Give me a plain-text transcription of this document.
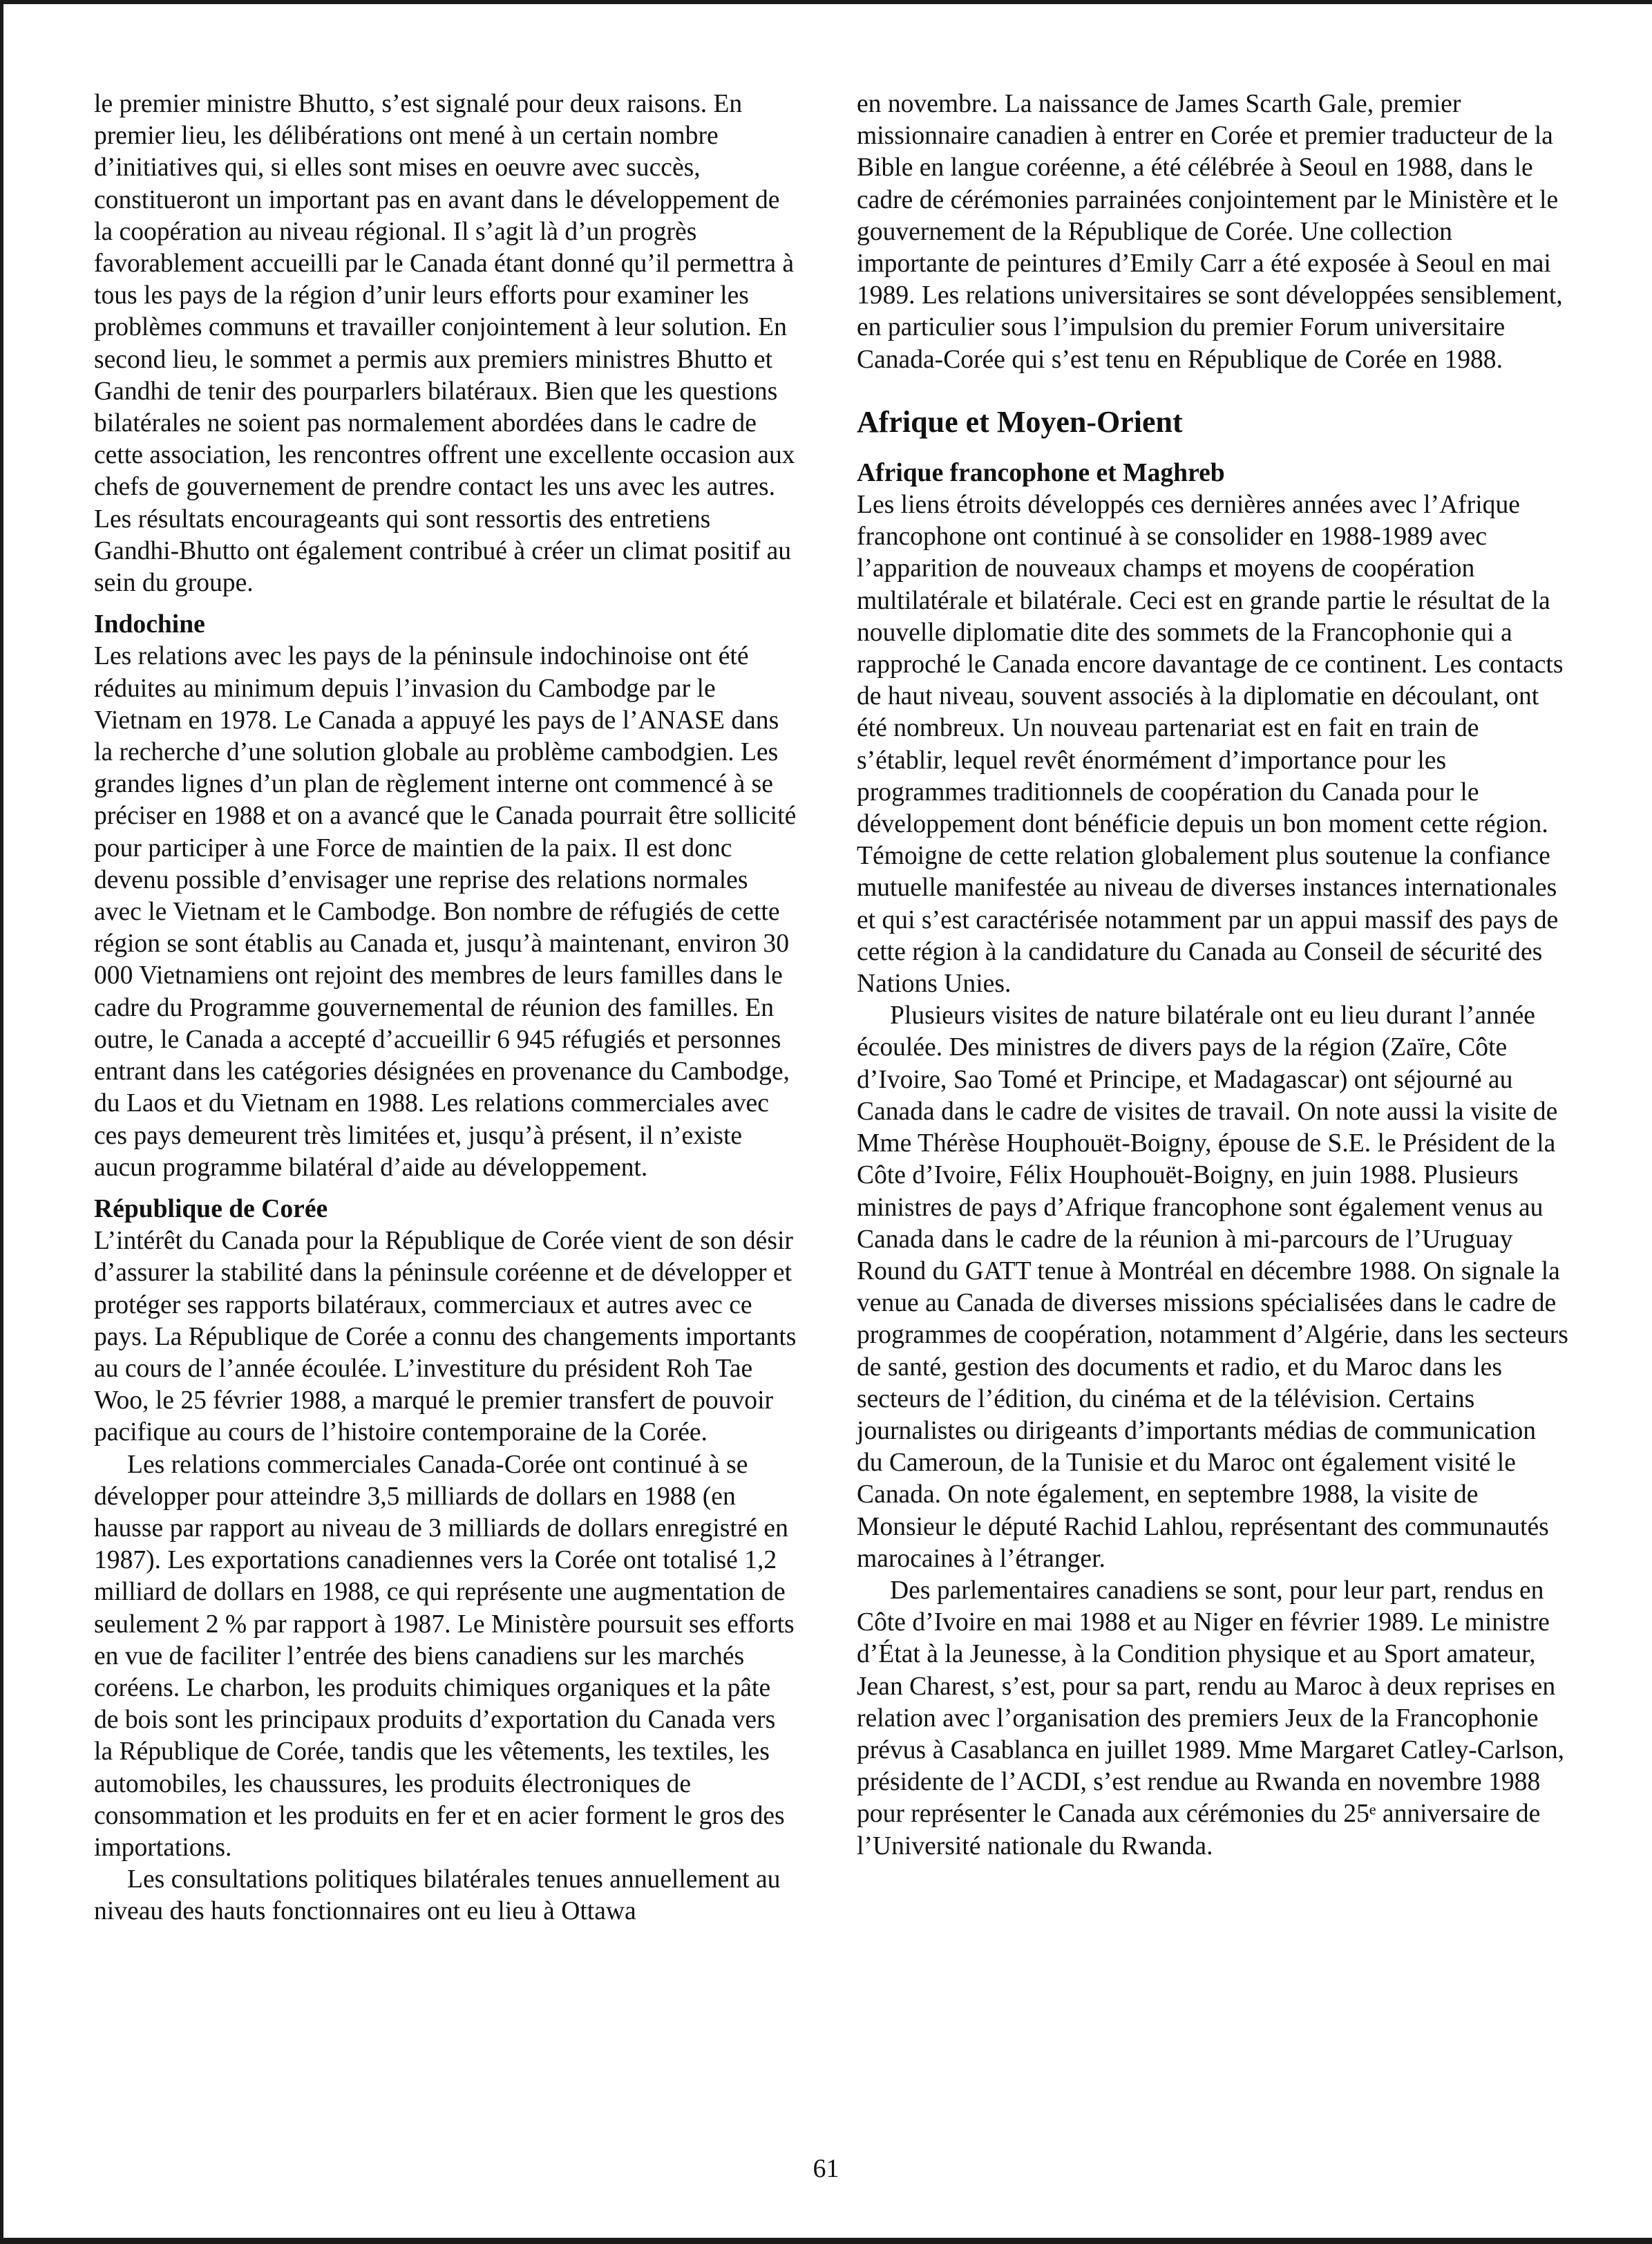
le premier ministre Bhutto, s’est signalé pour deux raisons. En premier lieu, les délibérations ont mené à un certain nombre d’initiatives qui, si elles sont mises en oeuvre avec succès, constitueront un important pas en avant dans le développement de la coopération au niveau régional. Il s’agit là d’un progrès favorablement accueilli par le Canada étant donné qu’il permettra à tous les pays de la région d’unir leurs efforts pour examiner les problèmes communs et travailler conjointement à leur solution. En second lieu, le sommet a permis aux premiers ministres Bhutto et Gandhi de tenir des pourparlers bilatéraux. Bien que les questions bilatérales ne soient pas normalement abordées dans le cadre de cette association, les rencontres offrent une excellente occasion aux chefs de gouvernement de prendre contact les uns avec les autres. Les résultats encourageants qui sont ressortis des entretiens Gandhi-Bhutto ont également contribué à créer un climat positif au sein du groupe.

Indochine

Les relations avec les pays de la péninsule indochinoise ont été réduites au minimum depuis l’invasion du Cambodge par le Vietnam en 1978. Le Canada a appuyé les pays de l’ANASE dans la recherche d’une solution globale au problème cambodgien. Les grandes lignes d’un plan de règlement interne ont commencé à se préciser en 1988 et on a avancé que le Canada pourrait être sollicité pour participer à une Force de maintien de la paix. Il est donc devenu possible d’envisager une reprise des relations normales avec le Vietnam et le Cambodge. Bon nombre de réfugiés de cette région se sont établis au Canada et, jusqu’à maintenant, environ 30 000 Vietnamiens ont rejoint des membres de leurs familles dans le cadre du Programme gouvernemental de réunion des familles. En outre, le Canada a accepté d’accueillir 6 945 réfugiés et personnes entrant dans les catégories désignées en provenance du Cambodge, du Laos et du Vietnam en 1988. Les relations commerciales avec ces pays demeurent très limitées et, jusqu’à présent, il n’existe aucun programme bilatéral d’aide au développement.

République de Corée

L’intérêt du Canada pour la République de Corée vient de son désir d’assurer la stabilité dans la péninsule coréenne et de développer et protéger ses rapports bilatéraux, commerciaux et autres avec ce pays. La République de Corée a connu des changements importants au cours de l’année écoulée. L’investiture du président Roh Tae Woo, le 25 février 1988, a marqué le premier transfert de pouvoir pacifique au cours de l’histoire contemporaine de la Corée.

Les relations commerciales Canada-Corée ont continué à se développer pour atteindre 3,5 milliards de dollars en 1988 (en hausse par rapport au niveau de 3 milliards de dollars enregistré en 1987). Les exportations canadiennes vers la Corée ont totalisé 1,2 milliard de dollars en 1988, ce qui représente une augmentation de seulement 2 % par rapport à 1987. Le Ministère poursuit ses efforts en vue de faciliter l’entrée des biens canadiens sur les marchés coréens. Le charbon, les produits chimiques organiques et la pâte de bois sont les principaux produits d’exportation du Canada vers la République de Corée, tandis que les vêtements, les textiles, les automobiles, les chaussures, les produits électroniques de consommation et les produits en fer et en acier forment le gros des importations.

Les consultations politiques bilatérales tenues annuellement au niveau des hauts fonctionnaires ont eu lieu à Ottawa

en novembre. La naissance de James Scarth Gale, premier missionnaire canadien à entrer en Corée et premier traducteur de la Bible en langue coréenne, a été célébrée à Seoul en 1988, dans le cadre de cérémonies parrainées conjointement par le Ministère et le gouvernement de la République de Corée. Une collection importante de peintures d’Emily Carr a été exposée à Seoul en mai 1989. Les relations universitaires se sont développées sensiblement, en particulier sous l’impulsion du premier Forum universitaire Canada-Corée qui s’est tenu en République de Corée en 1988.

Afrique et Moyen-Orient
Afrique francophone et Maghreb

Les liens étroits développés ces dernières années avec l’Afrique francophone ont continué à se consolider en 1988-1989 avec l’apparition de nouveaux champs et moyens de coopération multilatérale et bilatérale. Ceci est en grande partie le résultat de la nouvelle diplomatie dite des sommets de la Francophonie qui a rapproché le Canada encore davantage de ce continent. Les contacts de haut niveau, souvent associés à la diplomatie en découlant, ont été nombreux. Un nouveau partenariat est en fait en train de s’établir, lequel revêt énormément d’importance pour les programmes traditionnels de coopération du Canada pour le développement dont bénéficie depuis un bon moment cette région. Témoigne de cette relation globalement plus soutenue la confiance mutuelle manifestée au niveau de diverses instances internationales et qui s’est caractérisée notamment par un appui massif des pays de cette région à la candidature du Canada au Conseil de sécurité des Nations Unies.

Plusieurs visites de nature bilatérale ont eu lieu durant l’année écoulée. Des ministres de divers pays de la région (Zaïre, Côte d’Ivoire, Sao Tomé et Principe, et Madagascar) ont séjourné au Canada dans le cadre de visites de travail. On note aussi la visite de Mme Thérèse Houphouët-Boigny, épouse de S.E. le Président de la Côte d’Ivoire, Félix Houphouët-Boigny, en juin 1988. Plusieurs ministres de pays d’Afrique francophone sont également venus au Canada dans le cadre de la réunion à mi-parcours de l’Uruguay Round du GATT tenue à Montréal en décembre 1988. On signale la venue au Canada de diverses missions spécialisées dans le cadre de programmes de coopération, notamment d’Algérie, dans les secteurs de santé, gestion des documents et radio, et du Maroc dans les secteurs de l’édition, du cinéma et de la télévision. Certains journalistes ou dirigeants d’importants médias de communication du Cameroun, de la Tunisie et du Maroc ont également visité le Canada. On note également, en septembre 1988, la visite de Monsieur le député Rachid Lahlou, représentant des communautés marocaines à l’étranger.

Des parlementaires canadiens se sont, pour leur part, rendus en Côte d’Ivoire en mai 1988 et au Niger en février 1989. Le ministre d’État à la Jeunesse, à la Condition physique et au Sport amateur, Jean Charest, s’est, pour sa part, rendu au Maroc à deux reprises en relation avec l’organisation des premiers Jeux de la Francophonie prévus à Casablanca en juillet 1989. Mme Margaret Catley-Carlson, présidente de l’ACDI, s’est rendue au Rwanda en novembre 1988 pour représenter le Canada aux cérémonies du 25ᵉ anniversaire de l’Université nationale du Rwanda.

61
